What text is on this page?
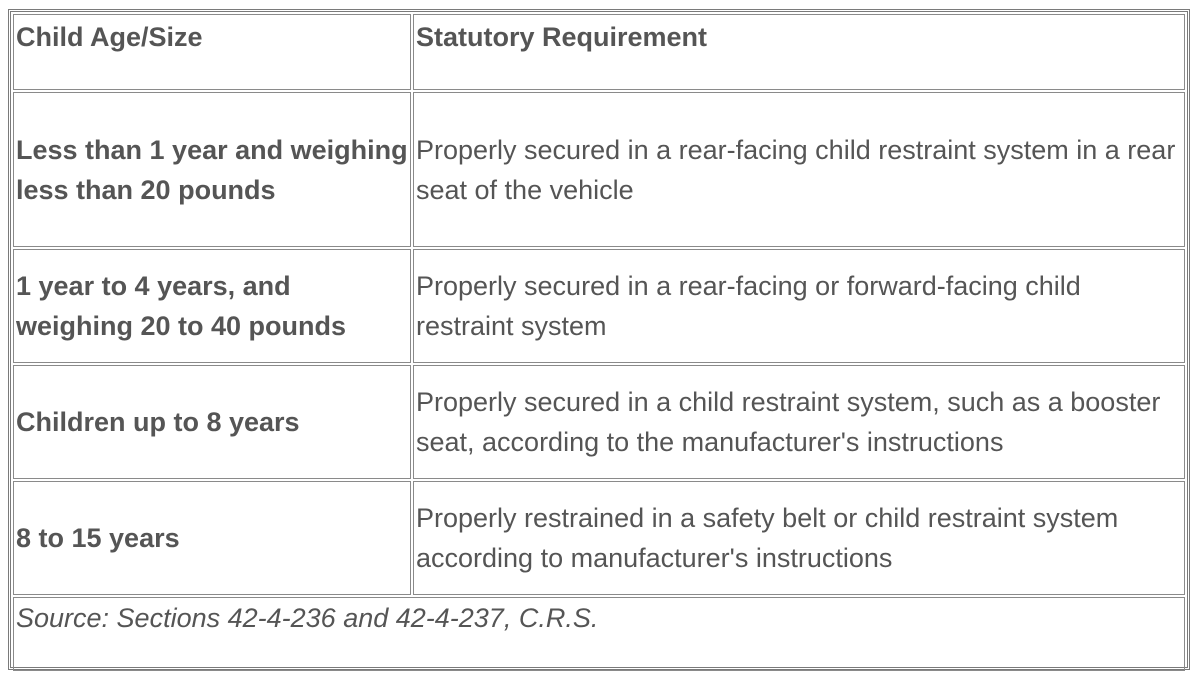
Child Age/Size	Statutory Requirement
Less than 1 year and weighing less than 20 pounds	Properly secured in a rear-facing child restraint system in a rear seat of the vehicle
1 year to 4 years, and weighing 20 to 40 pounds	Properly secured in a rear-facing or forward-facing child restraint system
Children up to 8 years	Properly secured in a child restraint system, such as a booster seat, according to the manufacturer's instructions
8 to 15 years	Properly restrained in a safety belt or child restraint system according to manufacturer's instructions
Source: Sections 42-4-236 and 42-4-237, C.R.S.	
